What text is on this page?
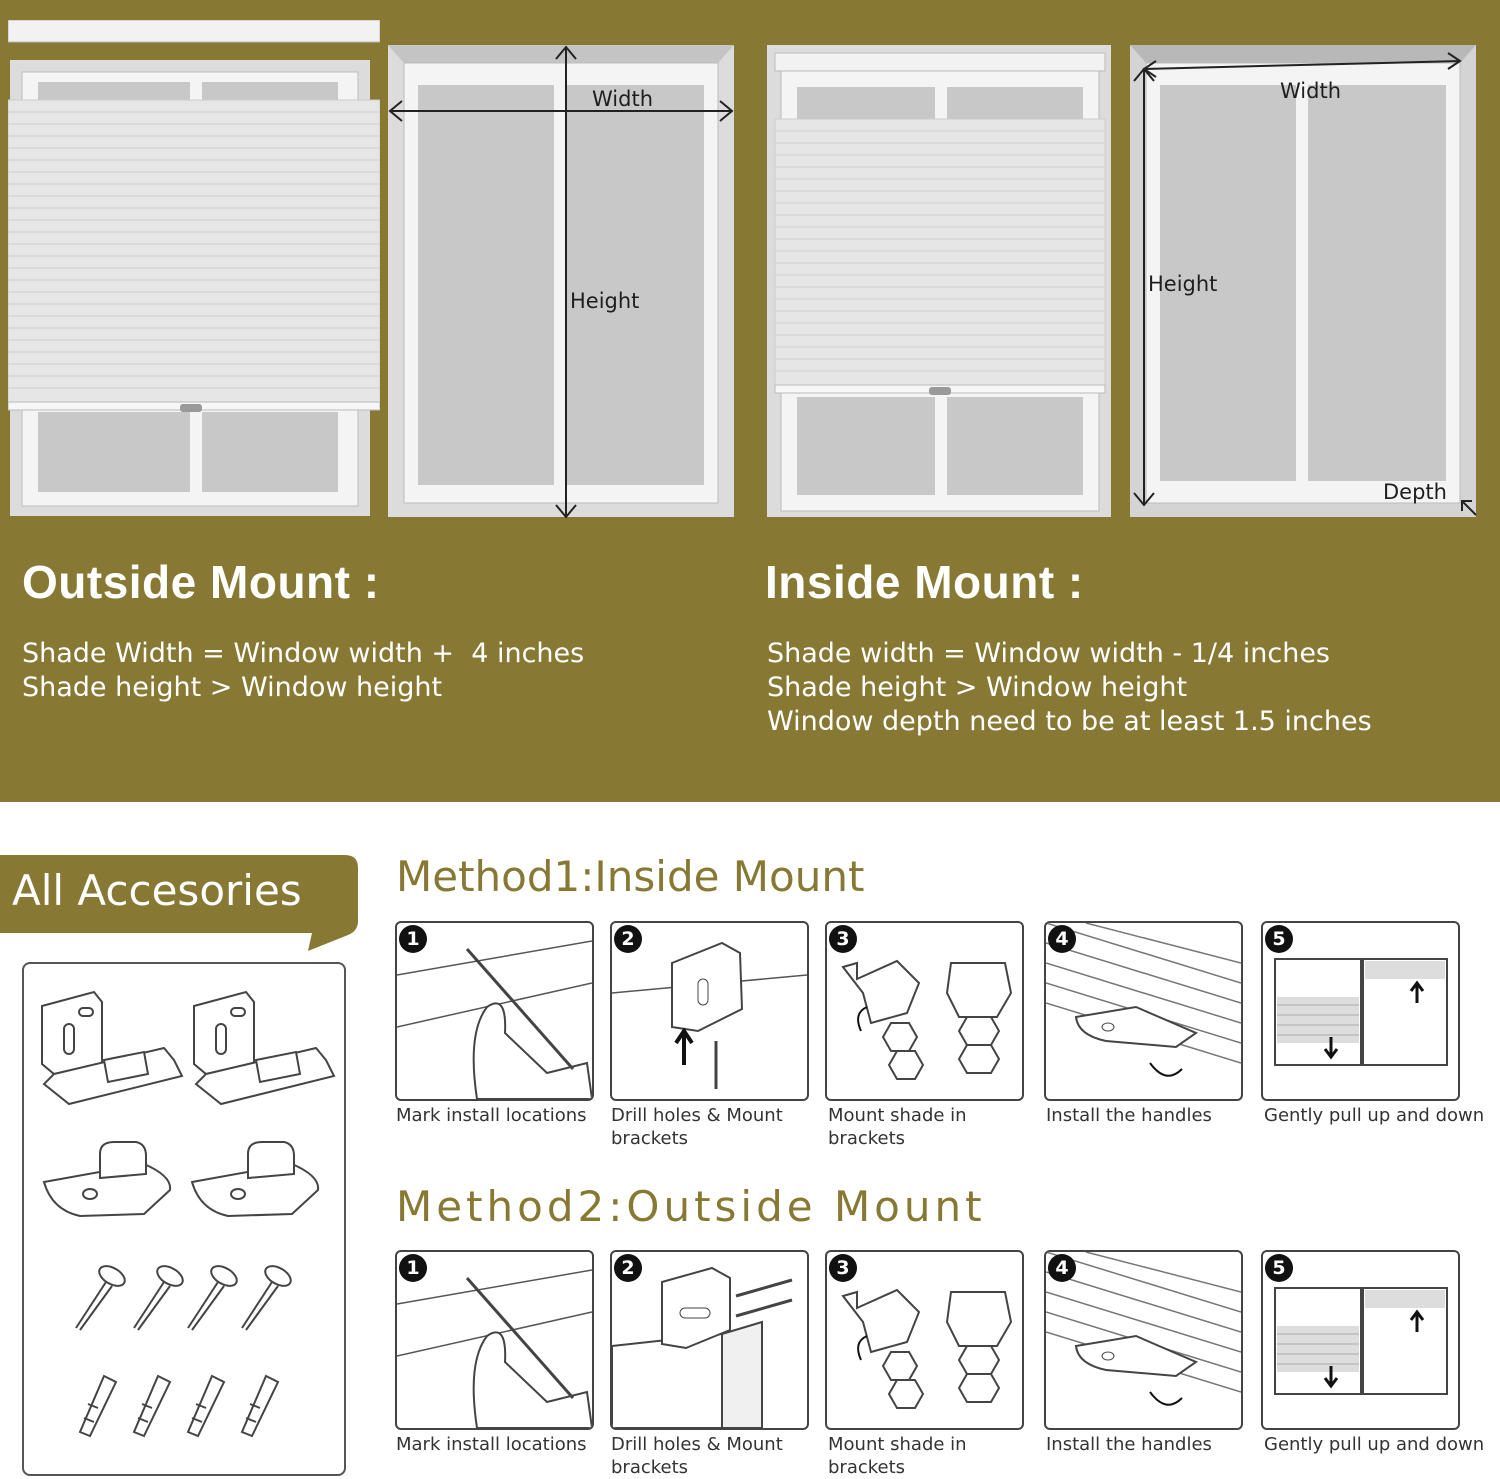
Width
Height
Width
Height
Depth
Outside Mount :
Shade Width = Window width +  4 inches
Shade height > Window height
Inside Mount :
Shade width = Window width - 1/4 inches
Shade height > Window height
Window depth need to be at least 1.5 inches
All Accesories Method1:Inside Mount
1	2	3	4	5
Mark install locations	Drill holes & Mount brackets
Mount shade in brackets
Install the handles	Gently pull up and down
Method2:Outside Mount
1	2	3	4	5
Mark install locations	Drill holes & Mount brackets
Mount shade in brackets
Install the handles	Gently pull up and down
